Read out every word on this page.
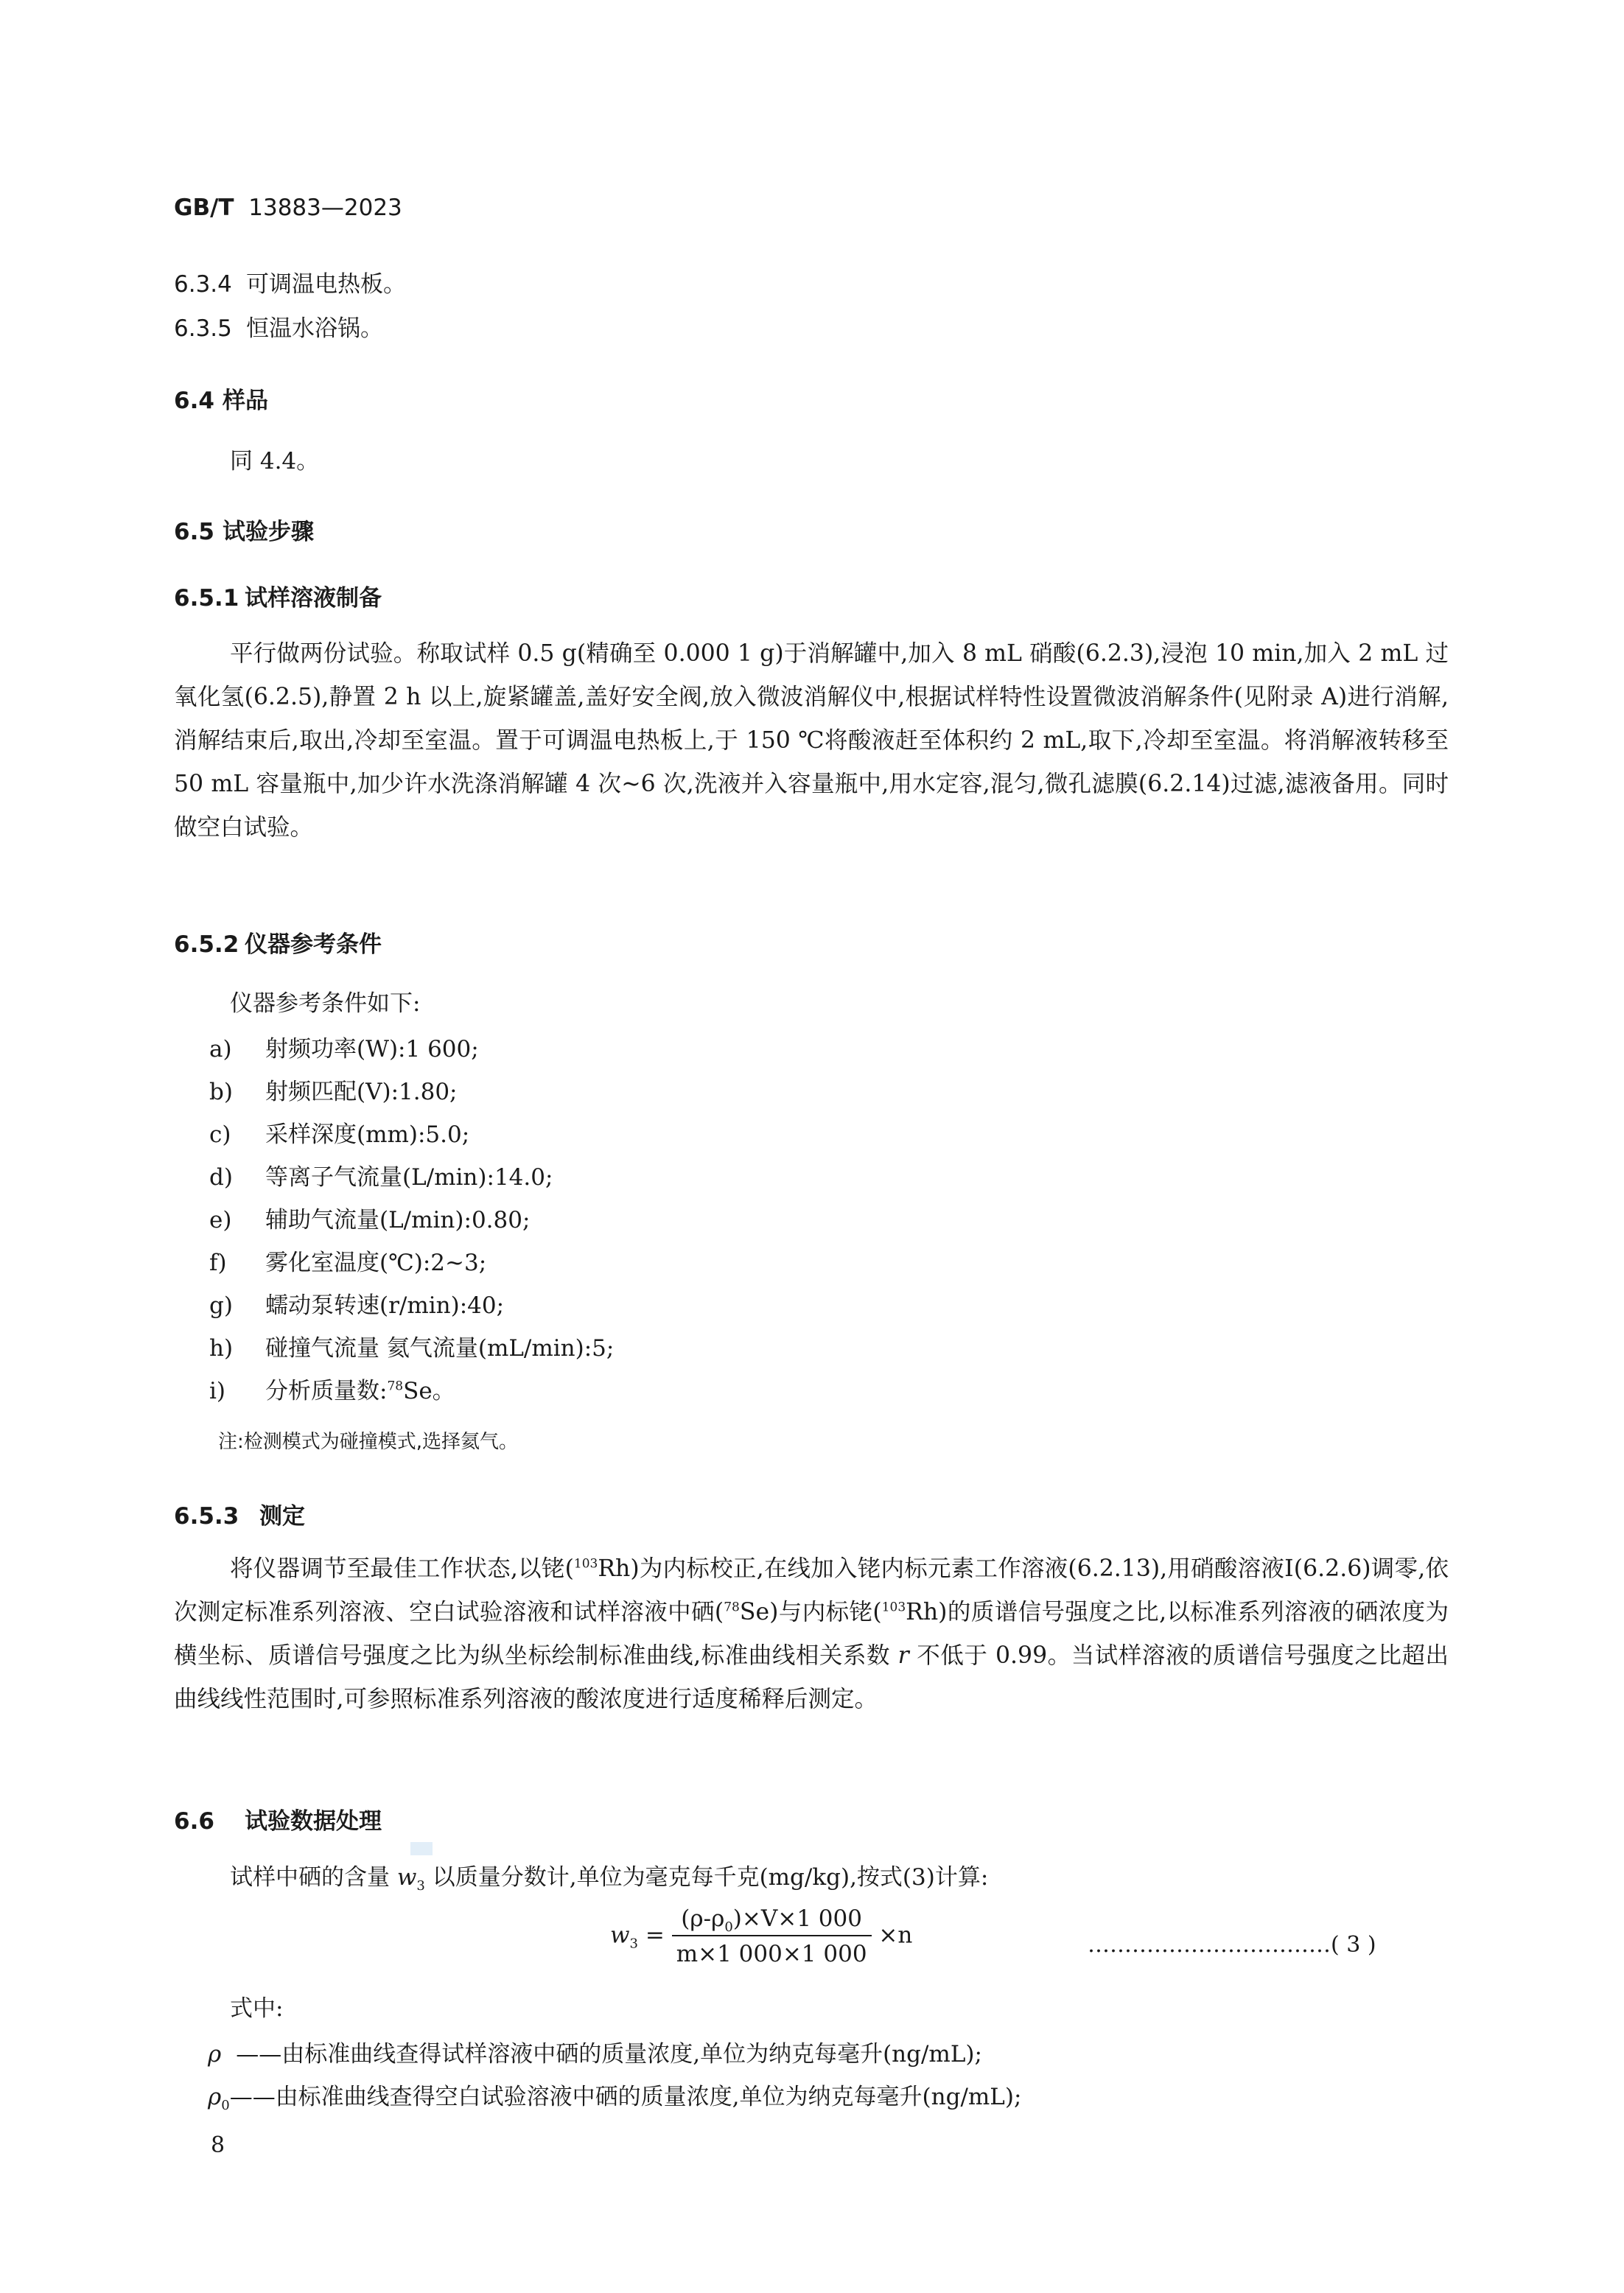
GB/T 13883—2023
6.3.4 可调温电热板。
6.3.5 恒温水浴锅。
6.4 样品
同 4.4。
6.5 试验步骤
6.5.1 试样溶液制备

平行做两份试验。称取试样 0.5 g(精确至 0.000 1 g)于消解罐中,加入 8 mL 硝酸(6.2.3),浸泡 10 min,加入 2 mL 过氧化氢(6.2.5),静置 2 h 以上,旋紧罐盖,盖好安全阀,放入微波消解仪中,根据试样特性设置微波消解条件(见附录 A)进行消解,消解结束后,取出,冷却至室温。置于可调温电热板上,于 150 ℃将酸液赶至体积约 2 mL,取下,冷却至室温。将消解液转移至 50 mL 容量瓶中,加少许水洗涤消解罐 4 次~6 次,洗液并入容量瓶中,用水定容,混匀,微孔滤膜(6.2.14)过滤,滤液备用。同时做空白试验。

6.5.2 仪器参考条件
仪器参考条件如下:
a) 射频功率(W):1 600;
b) 射频匹配(V):1.80;
c) 采样深度(mm):5.0;
d) 等离子气流量(L/min):14.0;
e) 辅助气流量(L/min):0.80;
f) 雾化室温度(℃):2~3;
g) 蠕动泵转速(r/min):40;
h) 碰撞气流量 氦气流量(mL/min):5;
i) 分析质量数:$^{78}$Se。
注:检测模式为碰撞模式,选择氦气。
6.5.3 测定

将仪器调节至最佳工作状态,以铑($^{103}$Rh)为内标校正,在线加入铑内标元素工作溶液(6.2.13),用硝酸溶液Ⅰ(6.2.6)调零,依次测定标准系列溶液、空白试验溶液和试样溶液中硒($^{78}$Se)与内标铑($^{103}$Rh)的质谱信号强度之比,以标准系列溶液的硒浓度为横坐标、质谱信号强度之比为纵坐标绘制标准曲线,标准曲线相关系数 r 不低于 0.99。当试样溶液的质谱信号强度之比超出曲线线性范围时,可参照标准系列溶液的酸浓度进行适度稀释后测定。

6.6 试验数据处理
试样中硒的含量 $w_3$ 以质量分数计,单位为毫克每千克(mg/kg),按式(3)计算:
$w_3 = \frac{(\rho-\rho_0)\times V\times 1 000}{m\times 1 000\times 1 000} \times n$	……………………………( 3 )
式中:
ρ ——由标准曲线查得试样溶液中硒的质量浓度,单位为纳克每毫升(ng/mL);
$\rho_0——$由标准曲线查得空白试验溶液中硒的质量浓度,单位为纳克每毫升(ng/mL);
8
